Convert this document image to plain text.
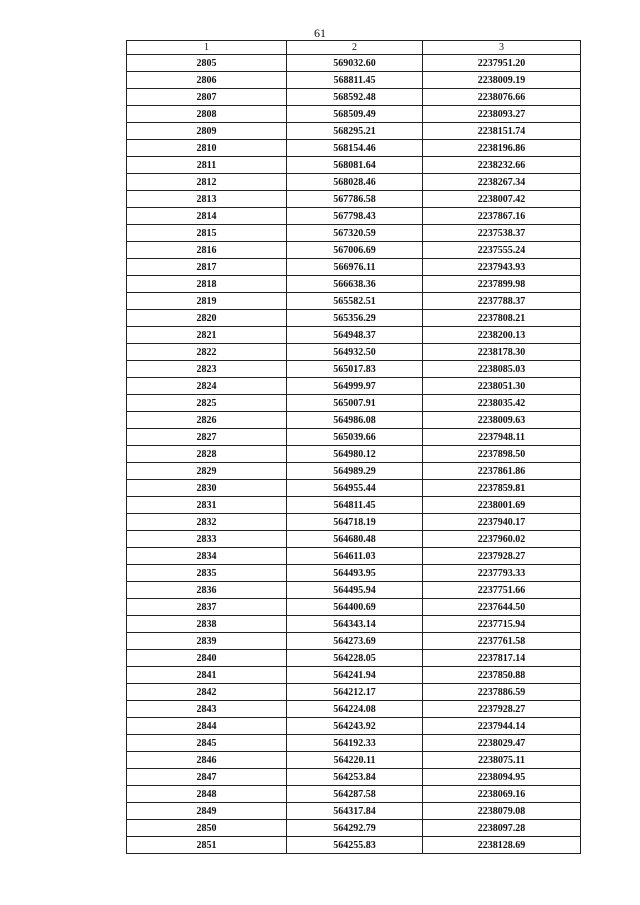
61
1	2	3
2805	569032.60	2237951.20
2806	568811.45	2238009.19
2807	568592.48	2238076.66
2808	568509.49	2238093.27
2809	568295.21	2238151.74
2810	568154.46	2238196.86
2811	568081.64	2238232.66
2812	568028.46	2238267.34
2813	567786.58	2238007.42
2814	567798.43	2237867.16
2815	567320.59	2237538.37
2816	567006.69	2237555.24
2817	566976.11	2237943.93
2818	566638.36	2237899.98
2819	565582.51	2237788.37
2820	565356.29	2237808.21
2821	564948.37	2238200.13
2822	564932.50	2238178.30
2823	565017.83	2238085.03
2824	564999.97	2238051.30
2825	565007.91	2238035.42
2826	564986.08	2238009.63
2827	565039.66	2237948.11
2828	564980.12	2237898.50
2829	564989.29	2237861.86
2830	564955.44	2237859.81
2831	564811.45	2238001.69
2832	564718.19	2237940.17
2833	564680.48	2237960.02
2834	564611.03	2237928.27
2835	564493.95	2237793.33
2836	564495.94	2237751.66
2837	564400.69	2237644.50
2838	564343.14	2237715.94
2839	564273.69	2237761.58
2840	564228.05	2237817.14
2841	564241.94	2237850.88
2842	564212.17	2237886.59
2843	564224.08	2237928.27
2844	564243.92	2237944.14
2845	564192.33	2238029.47
2846	564220.11	2238075.11
2847	564253.84	2238094.95
2848	564287.58	2238069.16
2849	564317.84	2238079.08
2850	564292.79	2238097.28
2851	564255.83	2238128.69
